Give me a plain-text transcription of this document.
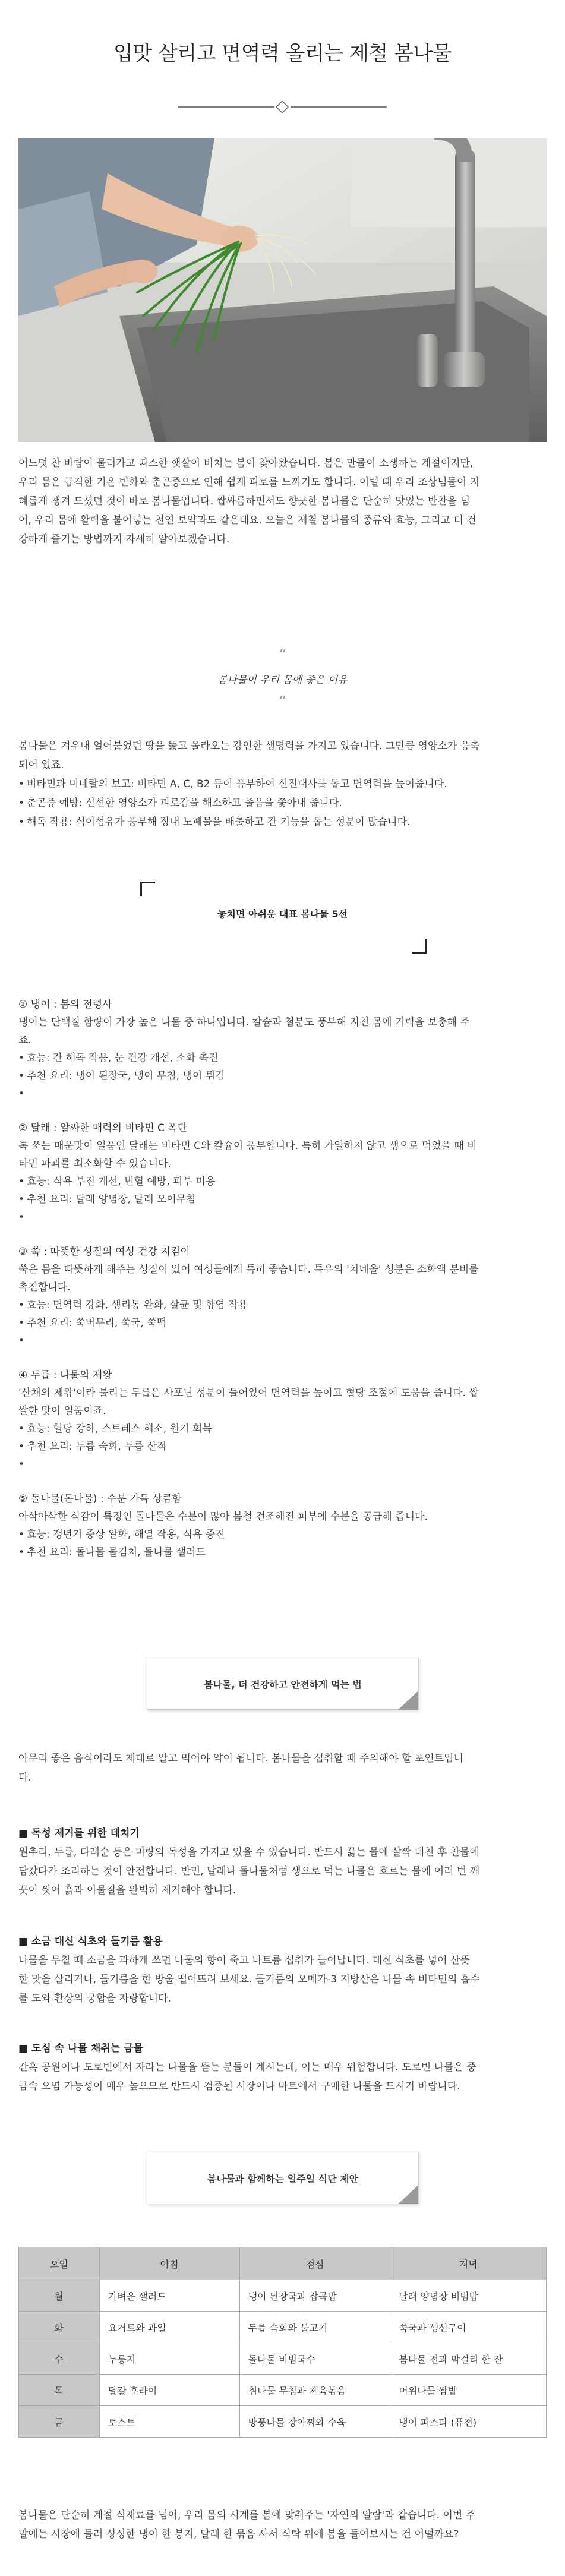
입맛 살리고 면역력 올리는 제철 봄나물

어느덧 찬 바람이 물러가고 따스한 햇살이 비치는 봄이 찾아왔습니다. 봄은 만물이 소생하는 계절이지만,

우리 몸은 급격한 기온 변화와 춘곤증으로 인해 쉽게 피로를 느끼기도 합니다. 이럴 때 우리 조상님들이 지

혜롭게 챙겨 드셨던 것이 바로 봄나물입니다. 쌉싸름하면서도 향긋한 봄나물은 단순히 맛있는 반찬을 넘

어, 우리 몸에 활력을 불어넣는 천연 보약과도 같은데요. 오늘은 제철 봄나물의 종류와 효능, 그리고 더 건

강하게 즐기는 방법까지 자세히 알아보겠습니다.

“
봄나물이 우리 몸에 좋은 이유
”

봄나물은 겨우내 얼어붙었던 땅을 뚫고 올라오는 강인한 생명력을 가지고 있습니다. 그만큼 영양소가 응축

되어 있죠.

• 비타민과 미네랄의 보고: 비타민 A, C, B2 등이 풍부하여 신진대사를 돕고 면역력을 높여줍니다.
• 춘곤증 예방: 신선한 영양소가 피로감을 해소하고 졸음을 쫓아내 줍니다.
• 해독 작용: 식이섬유가 풍부해 장내 노폐물을 배출하고 간 기능을 돕는 성분이 많습니다.
놓치면 아쉬운 대표 봄나물 5선
① 냉이 : 봄의 전령사
냉이는 단백질 함량이 가장 높은 나물 중 하나입니다. 칼슘과 철분도 풍부해 지친 몸에 기력을 보충해 주
죠.
• 효능: 간 해독 작용, 눈 건강 개선, 소화 촉진
• 추천 요리: 냉이 된장국, 냉이 무침, 냉이 튀김
•
② 달래 : 알싸한 매력의 비타민 C 폭탄
톡 쏘는 매운맛이 일품인 달래는 비타민 C와 칼슘이 풍부합니다. 특히 가열하지 않고 생으로 먹었을 때 비
타민 파괴를 최소화할 수 있습니다.
• 효능: 식욕 부진 개선, 빈혈 예방, 피부 미용
• 추천 요리: 달래 양념장, 달래 오이무침
•
③ 쑥 : 따뜻한 성질의 여성 건강 지킴이
쑥은 몸을 따뜻하게 해주는 성질이 있어 여성들에게 특히 좋습니다. 특유의 '치네올' 성분은 소화액 분비를
촉진합니다.
• 효능: 면역력 강화, 생리통 완화, 살균 및 항염 작용
• 추천 요리: 쑥버무리, 쑥국, 쑥떡
•
④ 두릅 : 나물의 제왕
'산채의 제왕'이라 불리는 두릅은 사포닌 성분이 들어있어 면역력을 높이고 혈당 조절에 도움을 줍니다. 쌉
쌀한 맛이 일품이죠.
• 효능: 혈당 강하, 스트레스 해소, 원기 회복
• 추천 요리: 두릅 숙회, 두릅 산적
•
⑤ 돌나물(돈나물) : 수분 가득 상큼함
아삭아삭한 식감이 특징인 돌나물은 수분이 많아 봄철 건조해진 피부에 수분을 공급해 줍니다.
• 효능: 갱년기 증상 완화, 해열 작용, 식욕 증진
• 추천 요리: 돌나물 물김치, 돌나물 샐러드
봄나물, 더 건강하고 안전하게 먹는 법

아무리 좋은 음식이라도 제대로 알고 먹어야 약이 됩니다. 봄나물을 섭취할 때 주의해야 할 포인트입니

다.

■ 독성 제거를 위한 데치기

원추리, 두릅, 다래순 등은 미량의 독성을 가지고 있을 수 있습니다. 반드시 끓는 물에 살짝 데친 후 찬물에

담갔다가 조리하는 것이 안전합니다. 반면, 달래나 돌나물처럼 생으로 먹는 나물은 흐르는 물에 여러 번 깨

끗이 씻어 흙과 이물질을 완벽히 제거해야 합니다.

■ 소금 대신 식초와 들기름 활용

나물을 무칠 때 소금을 과하게 쓰면 나물의 향이 죽고 나트륨 섭취가 늘어납니다. 대신 식초를 넣어 산뜻

한 맛을 살리거나, 들기름을 한 방울 떨어뜨려 보세요. 들기름의 오메가-3 지방산은 나물 속 비타민의 흡수

를 도와 환상의 궁합을 자랑합니다.

■ 도심 속 나물 채취는 금물

간혹 공원이나 도로변에서 자라는 나물을 뜯는 분들이 계시는데, 이는 매우 위험합니다. 도로변 나물은 중

금속 오염 가능성이 매우 높으므로 반드시 검증된 시장이나 마트에서 구매한 나물을 드시기 바랍니다.

봄나물과 함께하는 일주일 식단 제안
요일	아침	점심	저녁
월	가벼운 샐러드	냉이 된장국과 잡곡밥	달래 양념장 비빔밥
화	요거트와 과일	두릅 숙회와 불고기	쑥국과 생선구이
수	누룽지	돌나물 비빔국수	봄나물 전과 막걸리 한 잔
목	달걀 후라이	취나물 무침과 제육볶음	머위나물 쌈밥
금	토스트	방풍나물 장아찌와 수육	냉이 파스타 (퓨전)

봄나물은 단순히 계절 식재료를 넘어, 우리 몸의 시계를 봄에 맞춰주는 '자연의 알람'과 같습니다. 이번 주

말에는 시장에 들러 싱싱한 냉이 한 봉지, 달래 한 묶음 사서 식탁 위에 봄을 들여보시는 건 어떨까요?
